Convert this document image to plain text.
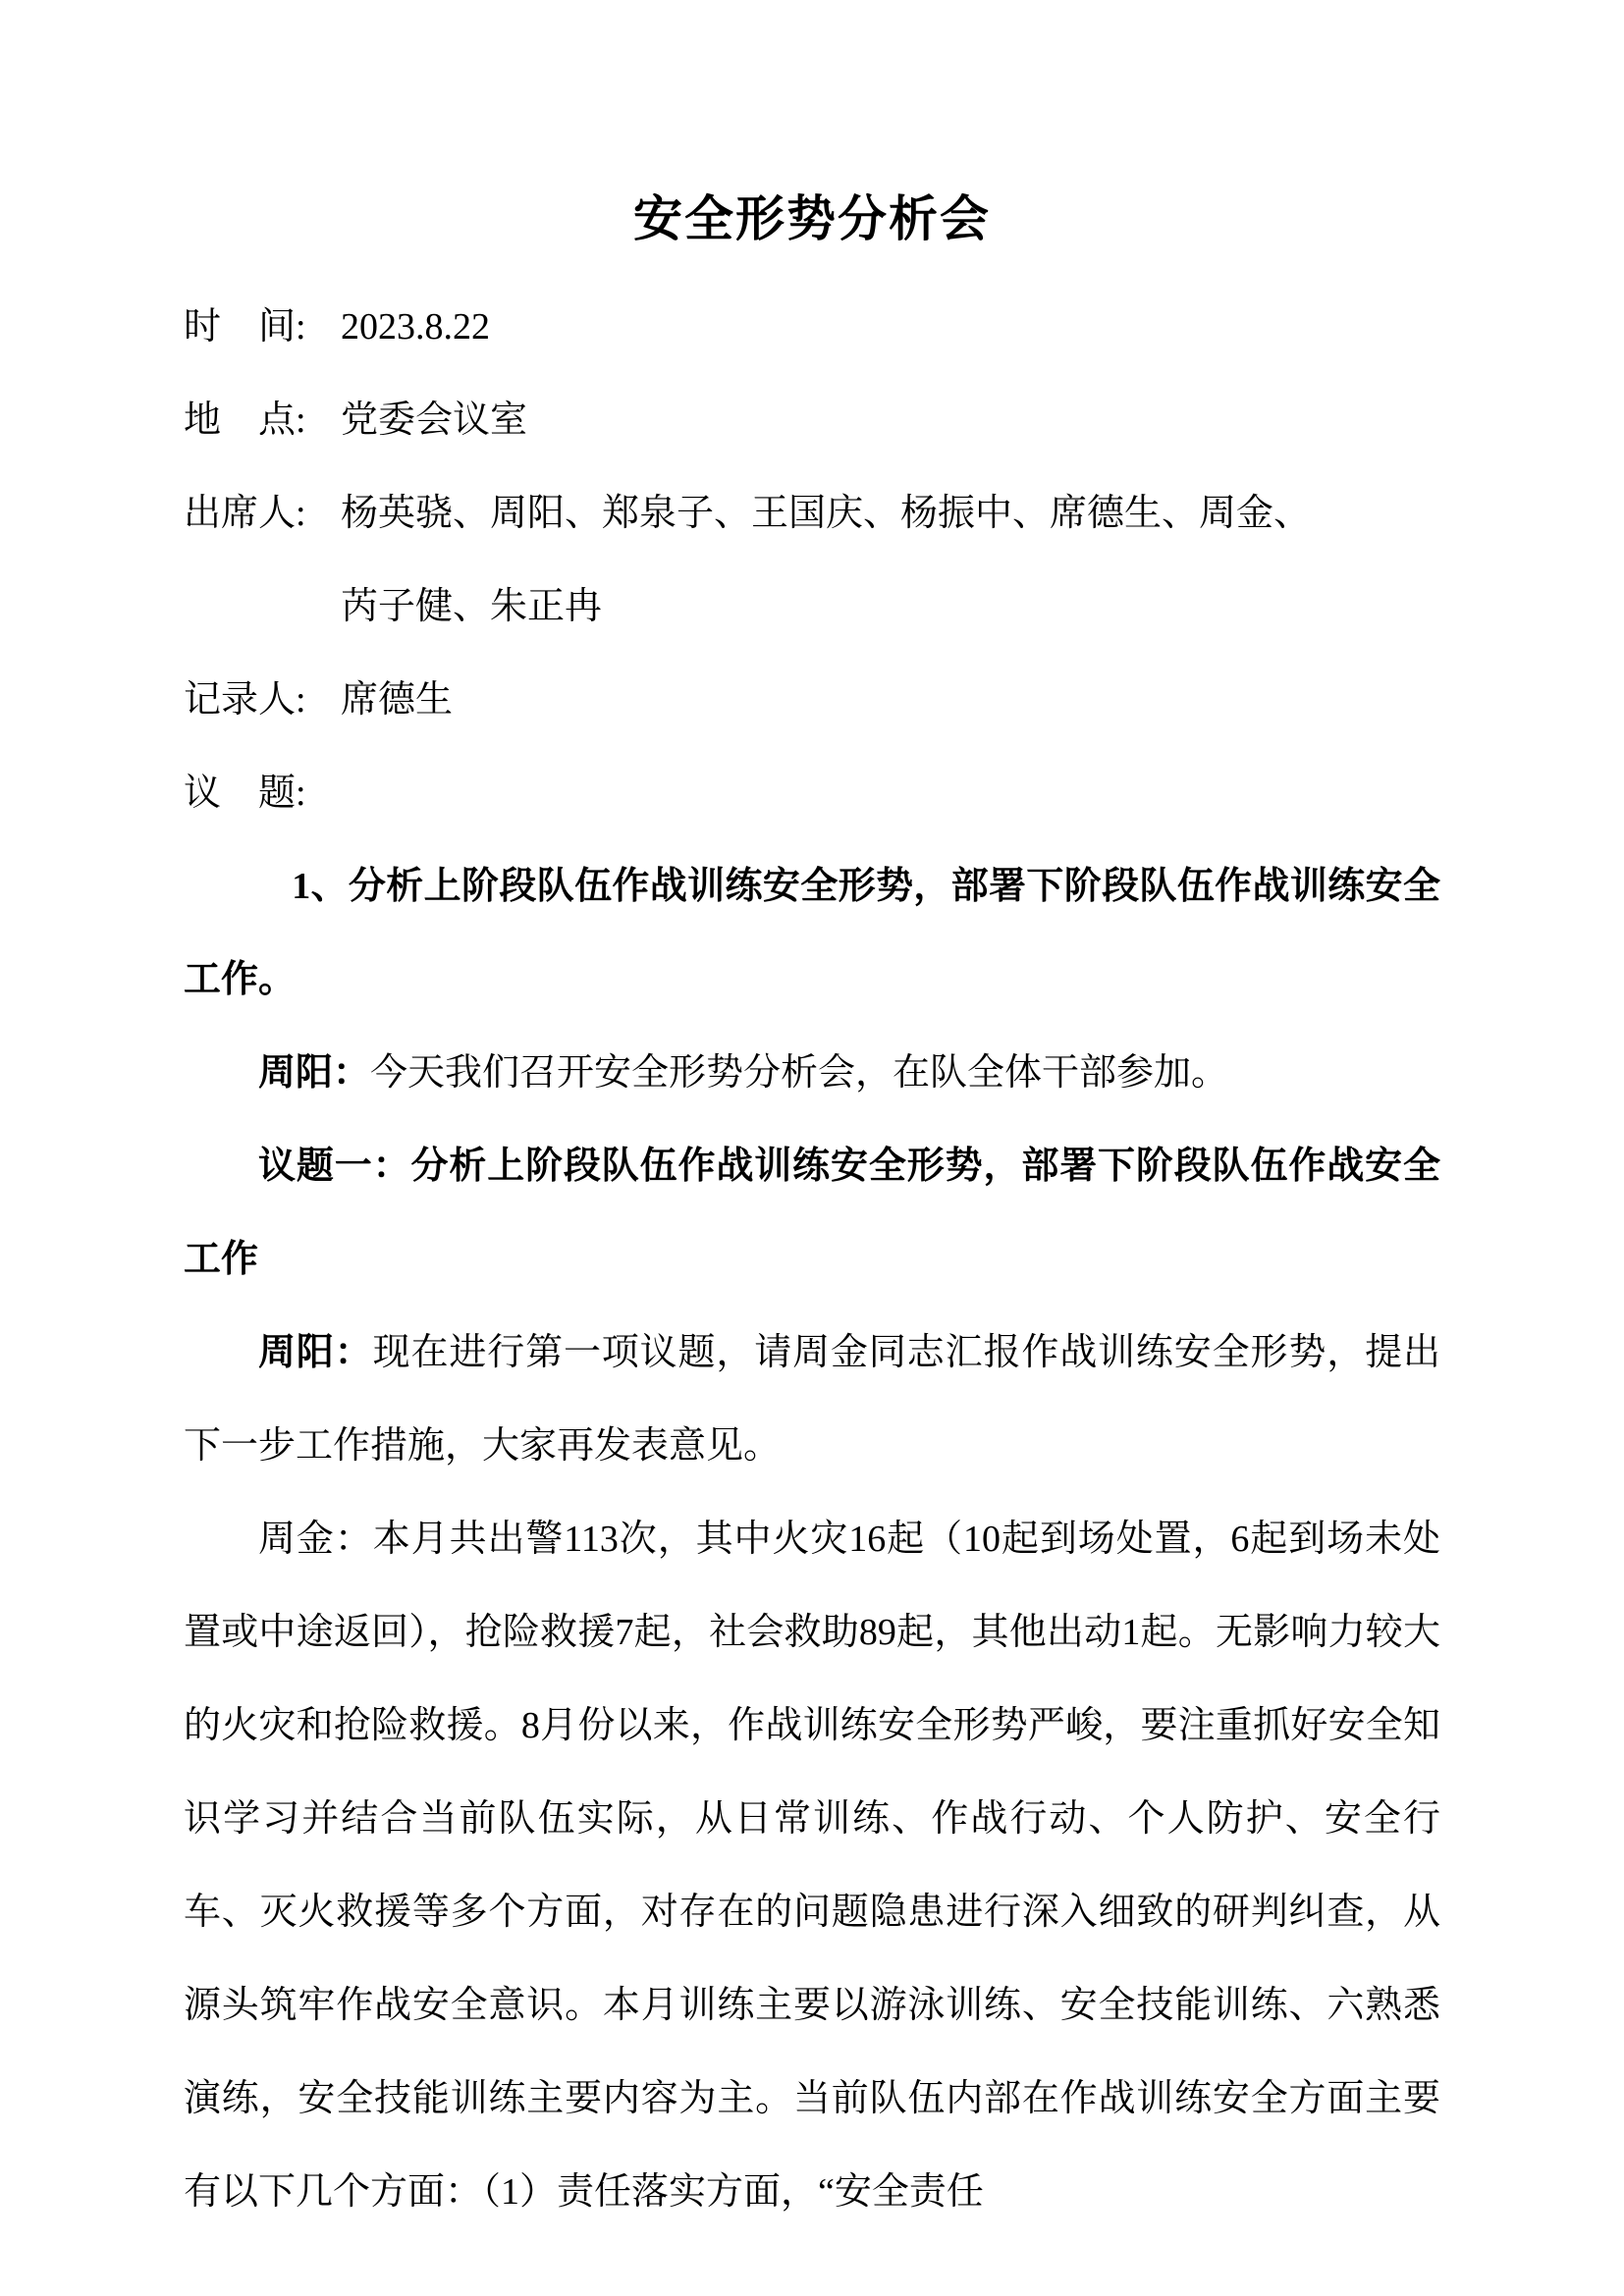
安全形势分析会
时　间: 2023.8.22
地　点: 党委会议室
出席人: 杨英骁、周阳、郑泉子、王国庆、杨振中、席德生、周金、
芮子健、朱正冉
记录人: 席德生
议　题:

1、分析上阶段队伍作战训练安全形势，部署下阶段队伍作战训练安全工作。

周阳：今天我们召开安全形势分析会，在队全体干部参加。

议题一：分析上阶段队伍作战训练安全形势，部署下阶段队伍作战安全工作

周阳：现在进行第一项议题，请周金同志汇报作战训练安全形势，提出下一步工作措施，大家再发表意见。

周金：本月共出警113次，其中火灾16起（10起到场处置，6起到场未处置或中途返回），抢险救援7起，社会救助89起，其他出动1起。无影响力较大的火灾和抢险救援。8月份以来，作战训练安全形势严峻，要注重抓好安全知识学习并结合当前队伍实际，从日常训练、作战行动、个人防护、安全行车、灭火救援等多个方面，对存在的问题隐患进行深入细致的研判纠查，从源头筑牢作战安全意识。本月训练主要以游泳训练、安全技能训练、六熟悉演练，安全技能训练主要内容为主。当前队伍内部在作战训练安全方面主要有以下几个方面：（1）责任落实方面，“安全责任
